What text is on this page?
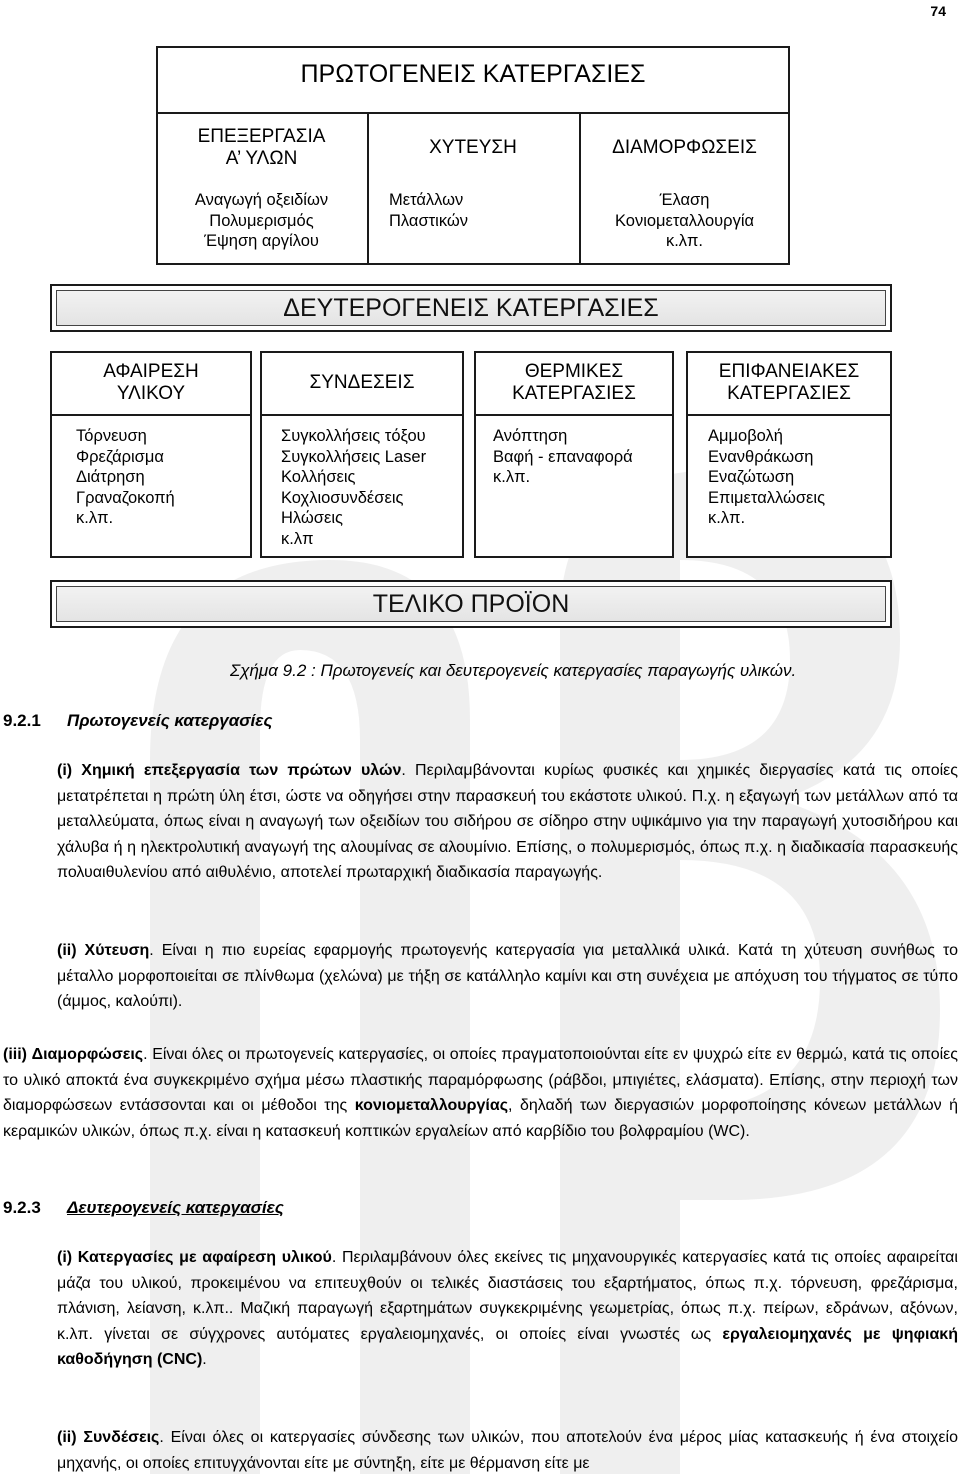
74
ΠΡΩΤΟΓΕΝΕΙΣ ΚΑΤΕΡΓΑΣΙΕΣ
ΕΠΕΞΕΡΓΑΣΙΑ
Α’ ΥΛΩΝ
Αναγωγή οξειδίων
Πολυμερισμός
Έψηση αργίλου
ΧΥΤΕΥΣΗ
Μετάλλων
Πλαστικών
ΔΙΑΜΟΡΦΩΣΕΙΣ
Έλαση
Κονιομεταλλουργία
κ.λπ.
ΔΕΥΤΕΡΟΓΕΝΕΙΣ ΚΑΤΕΡΓΑΣΙΕΣ
ΑΦΑΙΡΕΣΗ
ΥΛΙΚΟΥ
Τόρνευση
Φρεζάρισμα
Διάτρηση
Γραναζοκοπή
κ.λπ.
ΣΥΝΔΕΣΕΙΣ
Συγκολλήσεις τόξου
Συγκολλήσεις Laser
Κολλήσεις
Κοχλιοσυνδέσεις
Ηλώσεις
κ.λπ
ΘΕΡΜΙΚΕΣ
ΚΑΤΕΡΓΑΣΙΕΣ
Ανόπτηση
Βαφή - επαναφορά
κ.λπ.
ΕΠΙΦΑΝΕΙΑΚΕΣ
ΚΑΤΕΡΓΑΣΙΕΣ
Αμμοβολή
Ενανθράκωση
Εναζώτωση
Επιμεταλλώσεις
κ.λπ.
ΤΕΛΙΚΟ ΠΡΟΪΟΝ
Σχήμα 9.2 : Πρωτογενείς και δευτερογενείς κατεργασίες παραγωγής υλικών.
9.2.1 Πρωτογενείς κατεργασίες
(i) Χημική επεξεργασία των πρώτων υλών. Περιλαμβάνονται κυρίως φυσικές και χημικές διεργασίες κατά τις οποίες μετατρέπεται η πρώτη ύλη έτσι, ώστε να οδηγήσει στην παρασκευή του εκάστοτε υλικού. Π.χ. η εξαγωγή των μετάλλων από τα μεταλλεύματα, όπως είναι η αναγωγή των οξειδίων του σιδήρου σε σίδηρο στην υψικάμινο για την παραγωγή χυτοσιδήρου και χάλυβα ή η ηλεκτρολυτική αναγωγή της αλουμίνας σε αλουμίνιο. Επίσης, ο πολυμερισμός, όπως π.χ. η διαδικασία παρασκευής πολυαιθυλενίου από αιθυλένιο, αποτελεί πρωταρχική διαδικασία παραγωγής.
(ii) Χύτευση. Είναι η πιο ευρείας εφαρμογής πρωτογενής κατεργασία για μεταλλικά υλικά. Κατά τη χύτευση συνήθως το μέταλλο μορφοποιείται σε πλίνθωμα (χελώνα) με τήξη σε κατάλληλο καμίνι και στη συνέχεια με απόχυση του τήγματος σε τύπο (άμμος, καλούπι).
(iii) Διαμορφώσεις. Είναι όλες οι πρωτογενείς κατεργασίες, οι οποίες πραγματοποιούνται είτε εν ψυχρώ είτε εν θερμώ, κατά τις οποίες το υλικό αποκτά ένα συγκεκριμένο σχήμα μέσω πλαστικής παραμόρφωσης (ράβδοι, μπιγιέτες, ελάσματα). Επίσης, στην περιοχή των διαμορφώσεων εντάσσονται και οι μέθοδοι της κονιομεταλλουργίας, δηλαδή των διεργασιών μορφοποίησης κόνεων μετάλλων ή κεραμικών υλικών, όπως π.χ. είναι η κατασκευή κοπτικών εργαλείων από καρβίδιο του βολφραμίου (WC).
9.2.3 Δευτερογενείς κατεργασίες
(i) Κατεργασίες με αφαίρεση υλικού. Περιλαμβάνουν όλες εκείνες τις μηχανουργικές κατεργασίες κατά τις οποίες αφαιρείται μάζα του υλικού, προκειμένου να επιτευχθούν οι τελικές διαστάσεις του εξαρτήματος, όπως π.χ. τόρνευση, φρεζάρισμα, πλάνιση, λείανση, κ.λπ.. Μαζική παραγωγή εξαρτημάτων συγκεκριμένης γεωμετρίας, όπως π.χ. πείρων, εδράνων, αξόνων, κ.λπ. γίνεται σε σύγχρονες αυτόματες εργαλειομηχανές, οι οποίες είναι γνωστές ως εργαλειομηχανές με ψηφιακή καθοδήγηση (CNC).
(ii) Συνδέσεις. Είναι όλες οι κατεργασίες σύνδεσης των υλικών, που αποτελούν ένα μέρος μίας κατασκευής ή ένα στοιχείο μηχανής, οι οποίες επιτυγχάνονται είτε με σύντηξη, είτε με θέρμανση είτε με
